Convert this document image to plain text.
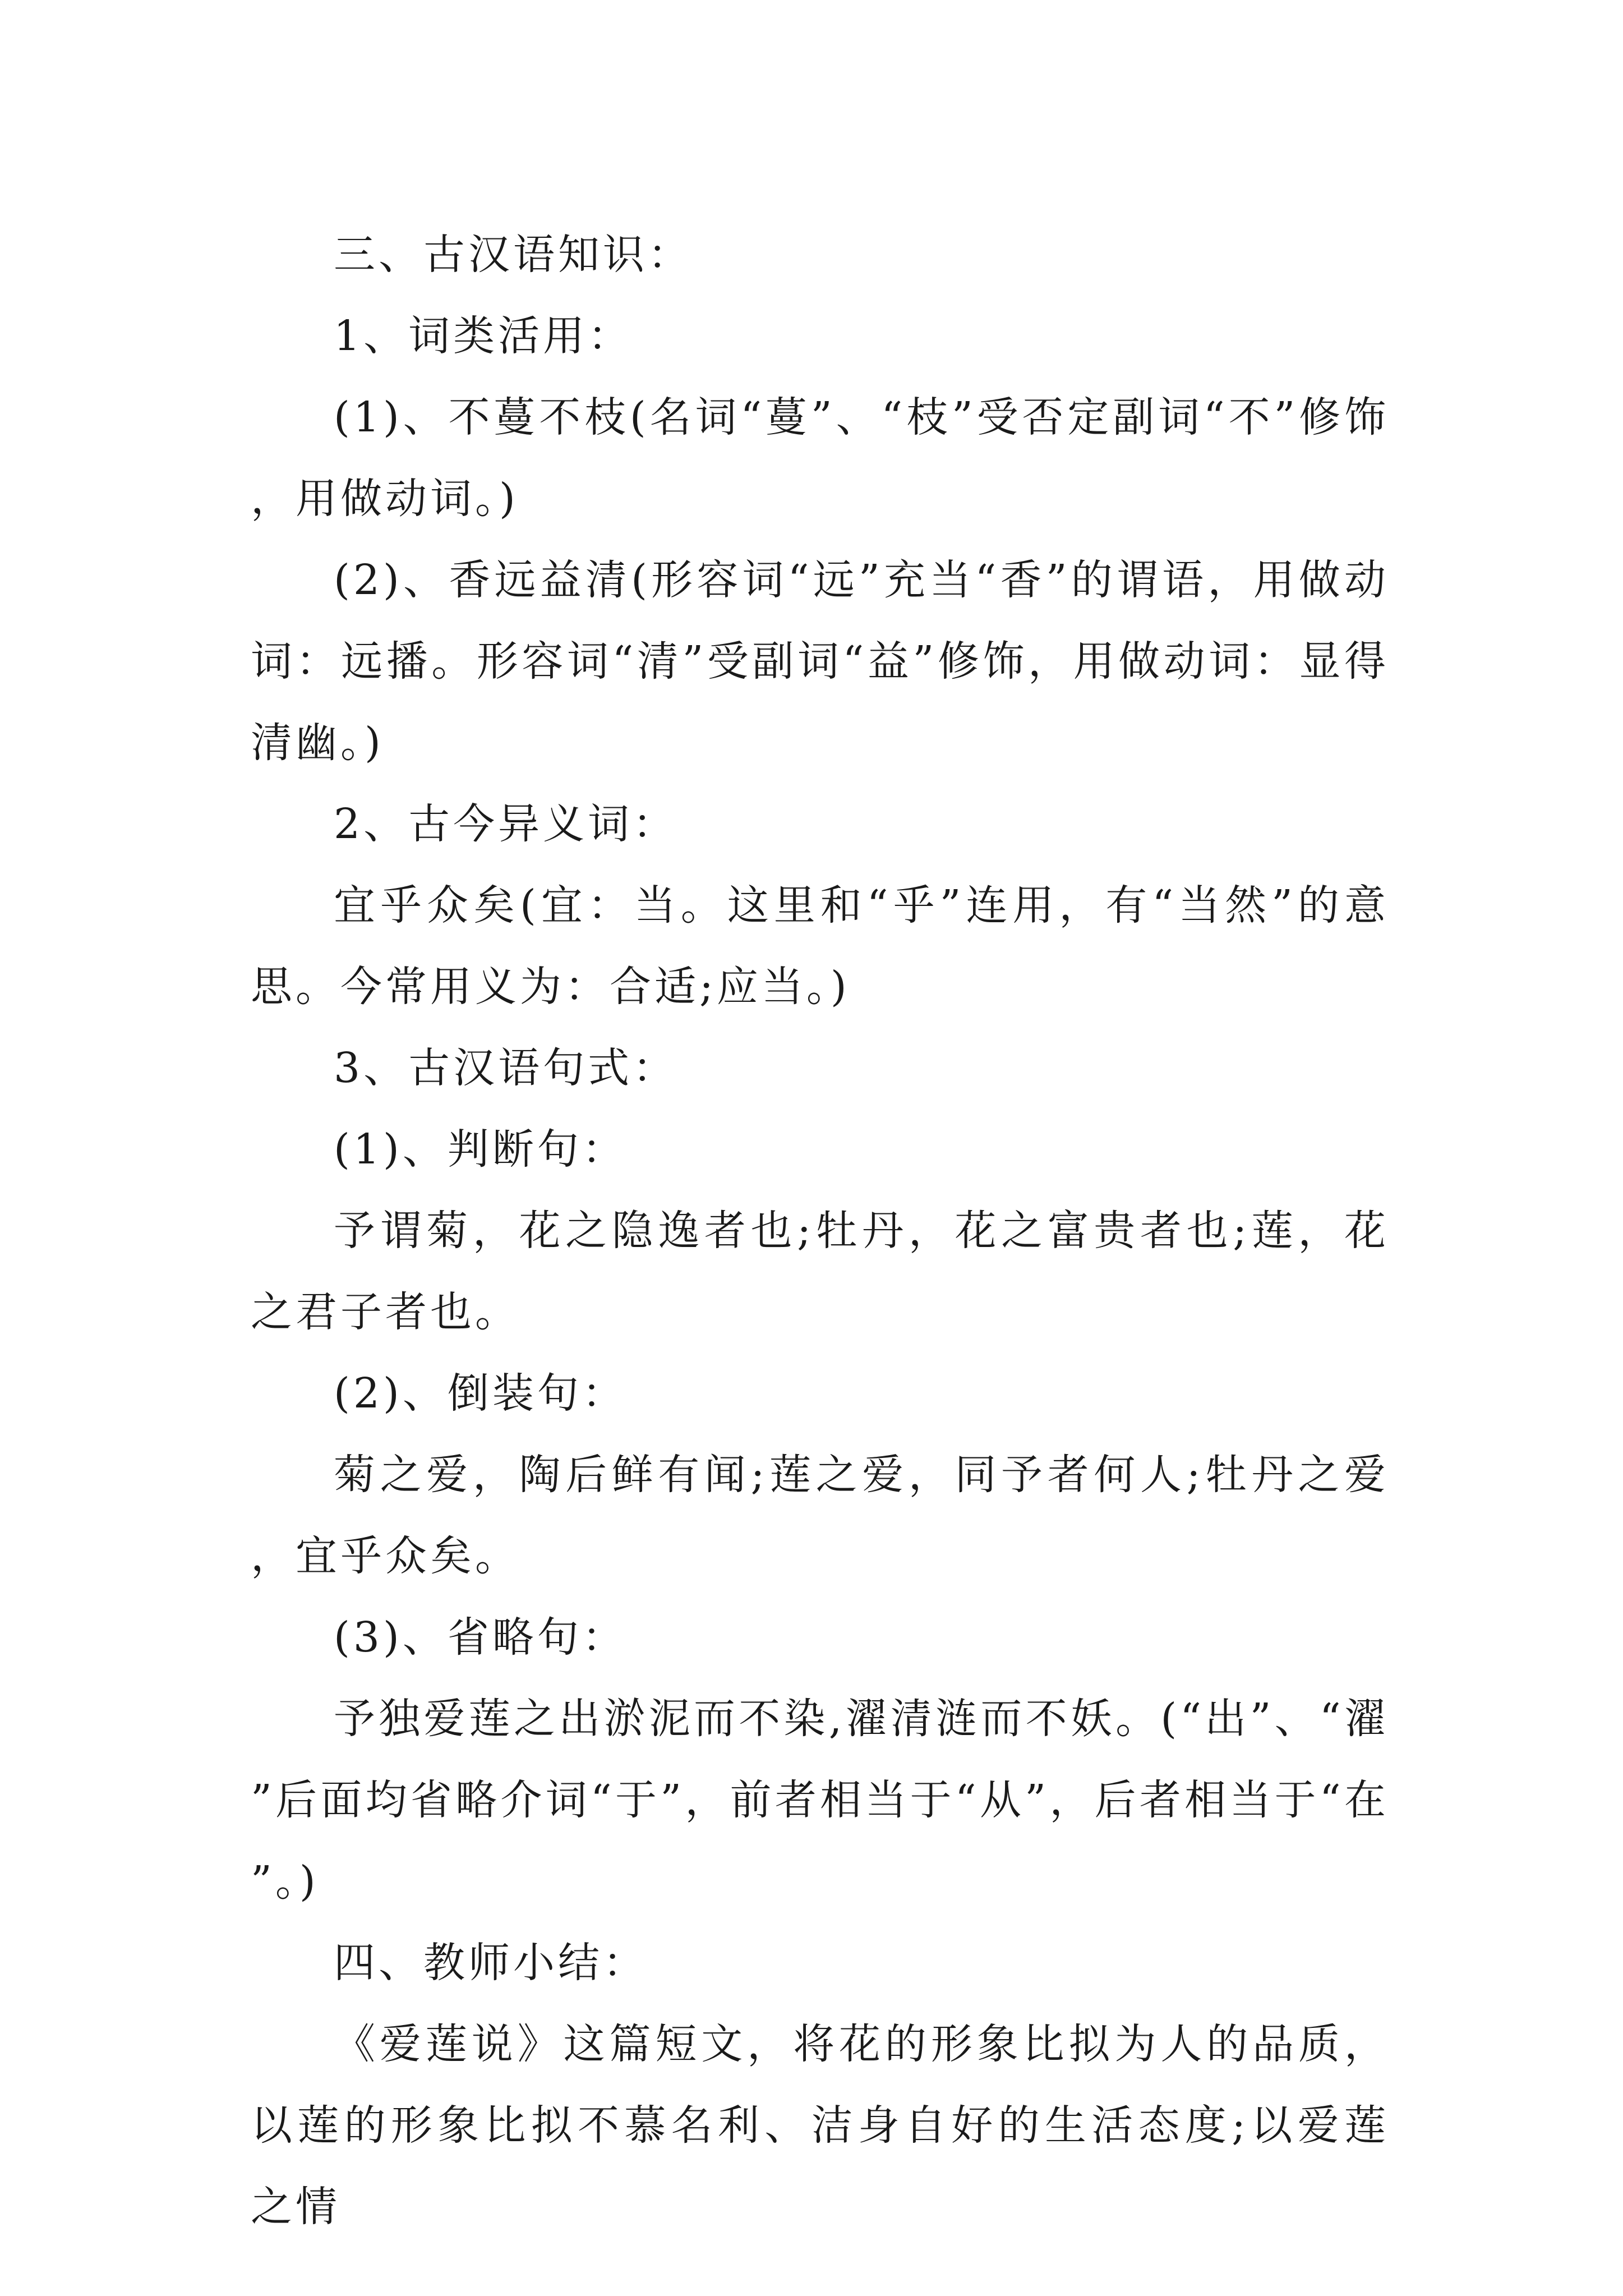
三、古汉语知识：

1、词类活用：

(1)、不蔓不枝(名词“蔓”、“枝”受否定副词“不”修饰，用做动词。)

(2)、香远益清(形容词“远”充当“香”的谓语，用做动词：远播。形容词“清”受副词“益”修饰，用做动词：显得清幽。)

2、古今异义词：

宜乎众矣(宜：当。这里和“乎”连用，有“当然”的意思。今常用义为：合适;应当。)

3、古汉语句式：

(1)、判断句：

予谓菊，花之隐逸者也;牡丹，花之富贵者也;莲，花之君子者也。

(2)、倒装句：

菊之爱，陶后鲜有闻;莲之爱，同予者何人;牡丹之爱，宜乎众矣。

(3)、省略句：

予独爱莲之出淤泥而不染,濯清涟而不妖。(“出”、“濯”后面均省略介词“于”，前者相当于“从”，后者相当于“在”。)

四、教师小结：

《爱莲说》这篇短文，将花的形象比拟为人的品质，以莲的形象比拟不慕名利、洁身自好的生活态度;以爱莲之情
